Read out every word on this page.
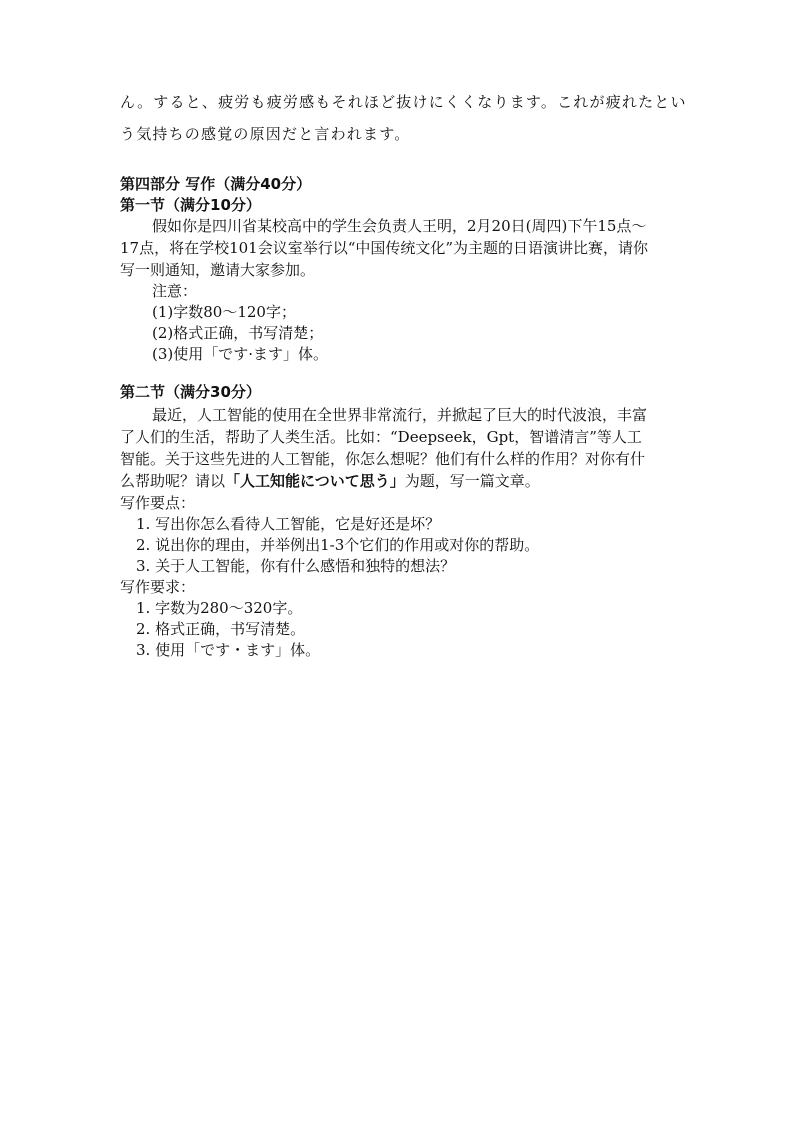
ん。すると、疲労も疲労感もそれほど抜けにくくなります。これが疲れたとい
う気持ちの感覚の原因だと言われます。
第四部分 写作（满分40分）
第一节（满分10分）
假如你是四川省某校高中的学生会负责人王明，2月20日(周四)下午15点～
17点，将在学校101会议室举行以“中国传统文化”为主题的日语演讲比赛，请你
写一则通知，邀请大家参加。
注意：
(1)字数80～120字；
(2)格式正确，书写清楚；
(3)使用「です·ます」体。
第二节（满分30分）
最近，人工智能的使用在全世界非常流行，并掀起了巨大的时代波浪，丰富
了人们的生活，帮助了人类生活。比如：“Deepseek，Gpt，智谱清言”等人工
智能。关于这些先进的人工智能，你怎么想呢？他们有什么样的作用？对你有什
么帮助呢？请以「人工知能について思う」为题，写一篇文章。
写作要点：
1. 写出你怎么看待人工智能，它是好还是坏？
2. 说出你的理由，并举例出1-3个它们的作用或对你的帮助。
3. 关于人工智能，你有什么感悟和独特的想法？
写作要求：
1. 字数为280～320字。
2. 格式正确，书写清楚。
3. 使用「です・ます」体。
